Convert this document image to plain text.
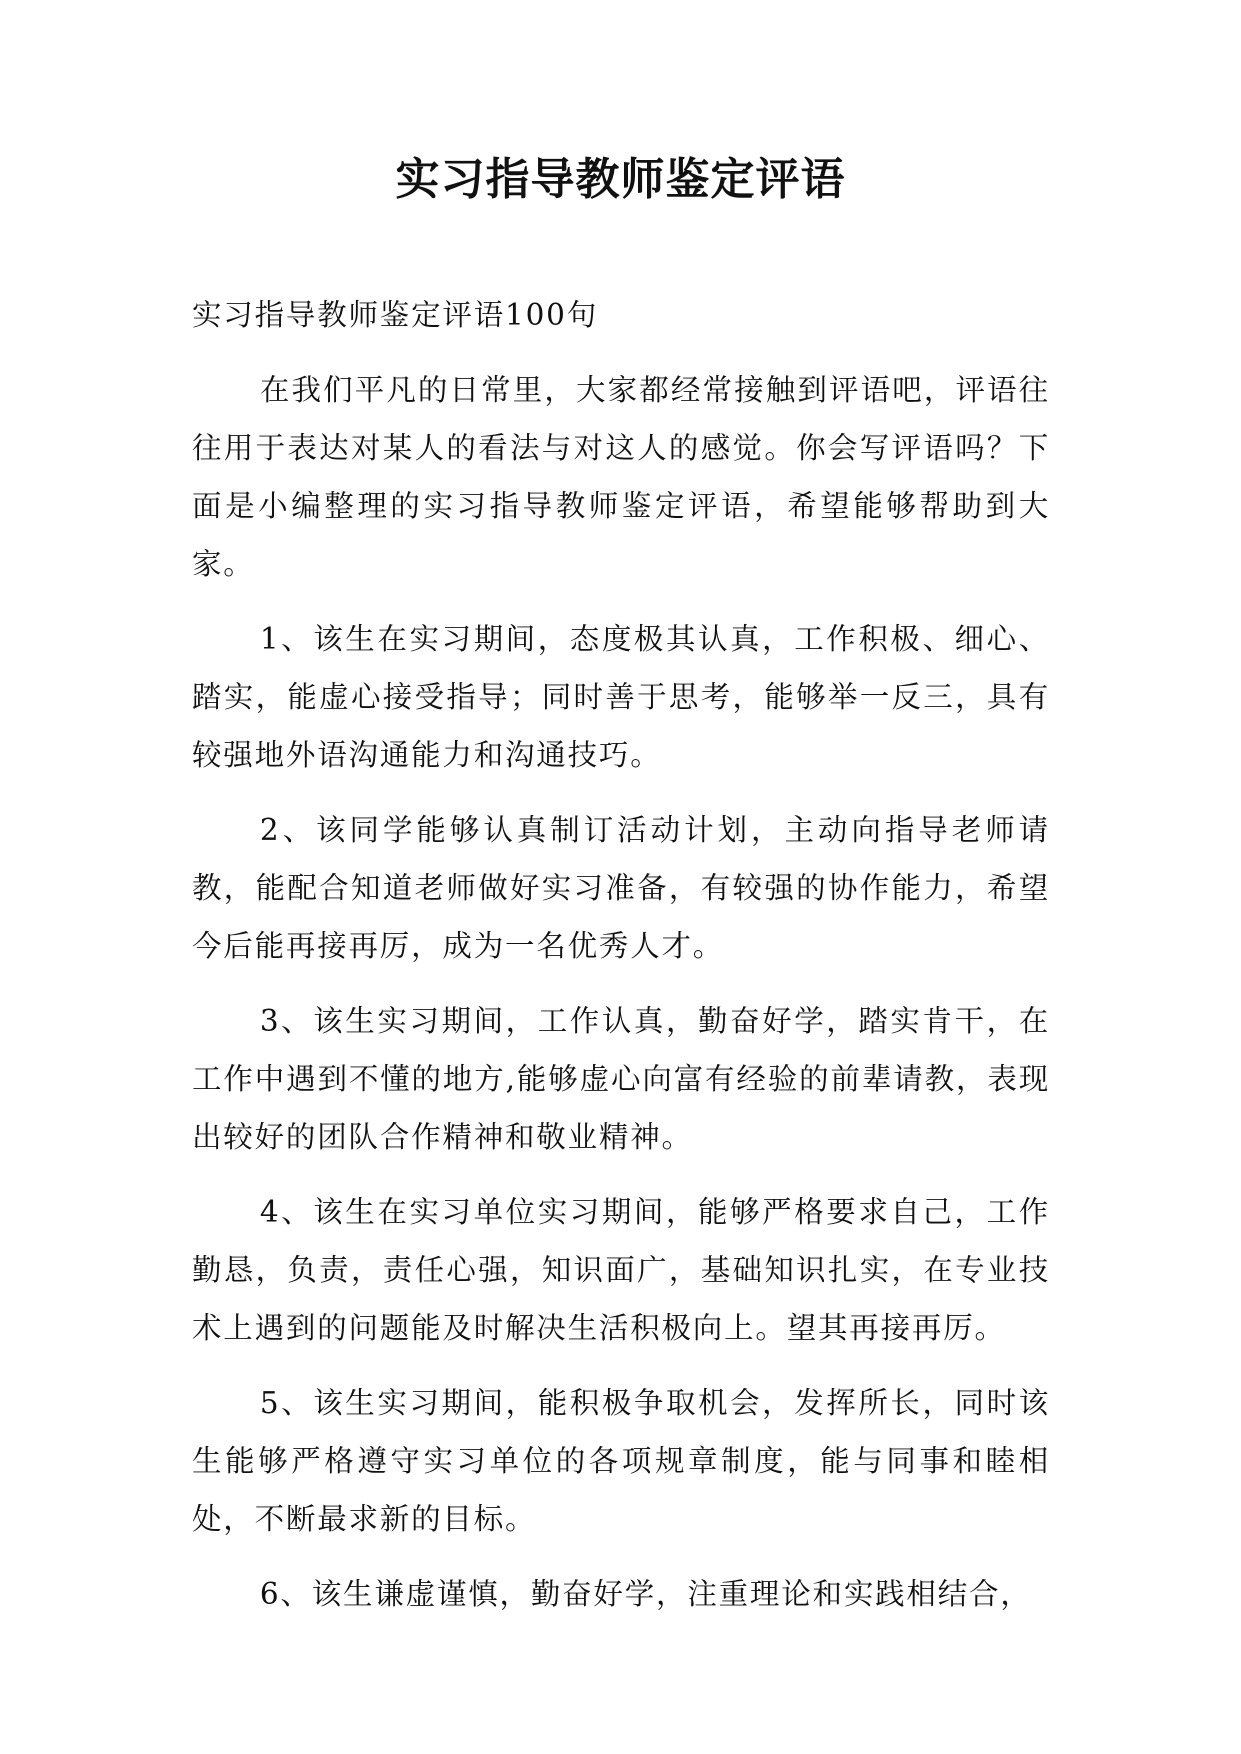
实习指导教师鉴定评语

实习指导教师鉴定评语100句

在我们平凡的日常里，大家都经常接触到评语吧，评语往往用于表达对某人的看法与对这人的感觉。你会写评语吗？下面是小编整理的实习指导教师鉴定评语，希望能够帮助到大家。

1、该生在实习期间，态度极其认真，工作积极、细心、踏实，能虚心接受指导；同时善于思考，能够举一反三，具有较强地外语沟通能力和沟通技巧。

2、该同学能够认真制订活动计划，主动向指导老师请教，能配合知道老师做好实习准备，有较强的协作能力，希望今后能再接再厉，成为一名优秀人才。

3、该生实习期间，工作认真，勤奋好学，踏实肯干，在工作中遇到不懂的地方,能够虚心向富有经验的前辈请教，表现出较好的团队合作精神和敬业精神。

4、该生在实习单位实习期间，能够严格要求自己，工作勤恳，负责，责任心强，知识面广，基础知识扎实，在专业技术上遇到的问题能及时解决生活积极向上。望其再接再厉。

5、该生实习期间，能积极争取机会，发挥所长，同时该生能够严格遵守实习单位的各项规章制度，能与同事和睦相处，不断最求新的目标。

6、该生谦虚谨慎，勤奋好学，注重理论和实践相结合，
